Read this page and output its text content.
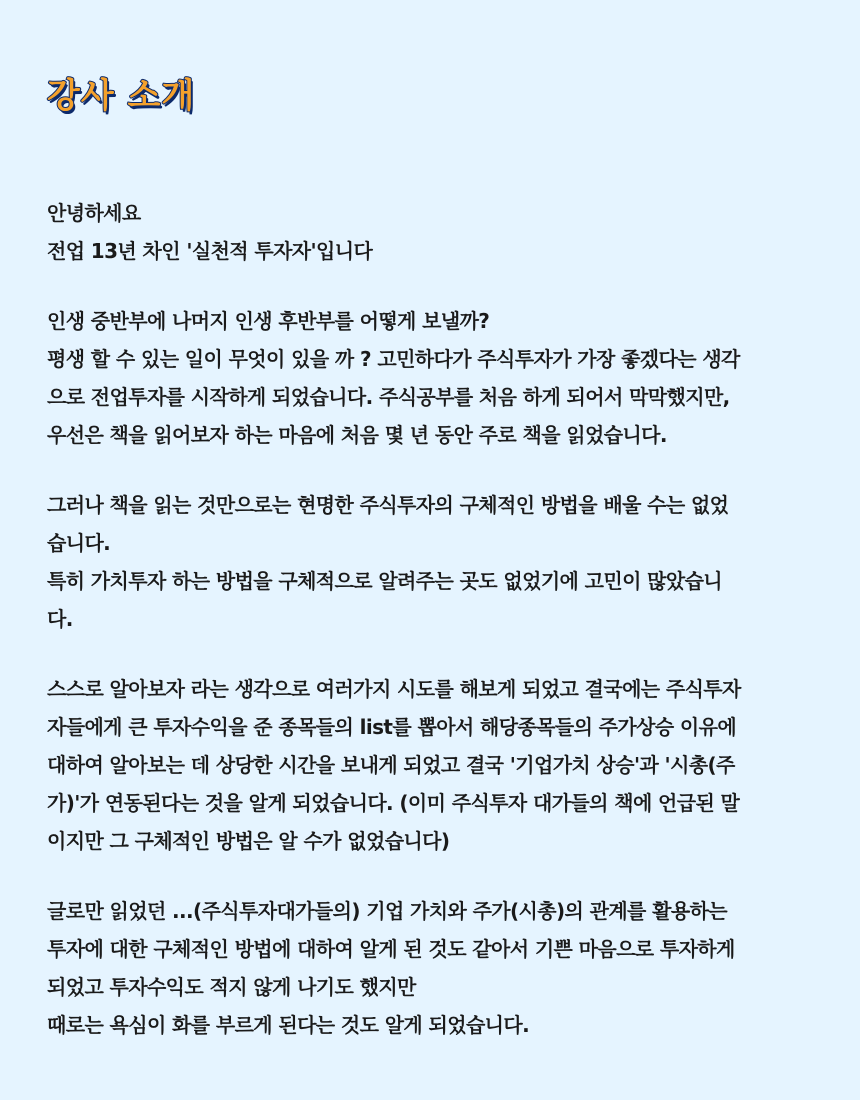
강사 소개
안녕하세요
전업 13년 차인 '실천적 투자자'입니다
인생 중반부에 나머지 인생 후반부를 어떻게 보낼까?
평생 할 수 있는 일이 무엇이 있을 까 ? 고민하다가 주식투자가 가장 좋겠다는 생각
으로 전업투자를 시작하게 되었습니다. 주식공부를 처음 하게 되어서 막막했지만,
우선은 책을 읽어보자 하는 마음에 처음 몇 년 동안 주로 책을 읽었습니다.
그러나 책을 읽는 것만으로는 현명한 주식투자의 구체적인 방법을 배울 수는 없었
습니다.
특히 가치투자 하는 방법을 구체적으로 알려주는 곳도 없었기에 고민이 많았습니
다.
스스로 알아보자 라는 생각으로 여러가지 시도를 해보게 되었고 결국에는 주식투자
자들에게 큰 투자수익을 준 종목들의 list를 뽑아서 해당종목들의 주가상승 이유에
대하여 알아보는 데 상당한 시간을 보내게 되었고 결국 '기업가치 상승'과 '시총(주
가)'가 연동된다는 것을 알게 되었습니다. (이미 주식투자 대가들의 책에 언급된 말
이지만 그 구체적인 방법은 알 수가 없었습니다)
글로만 읽었던 ...(주식투자대가들의) 기업 가치와 주가(시총)의 관계를 활용하는
투자에 대한 구체적인 방법에 대하여 알게 된 것도 같아서 기쁜 마음으로 투자하게
되었고 투자수익도 적지 않게 나기도 했지만
때로는 욕심이 화를 부르게 된다는 것도 알게 되었습니다.
